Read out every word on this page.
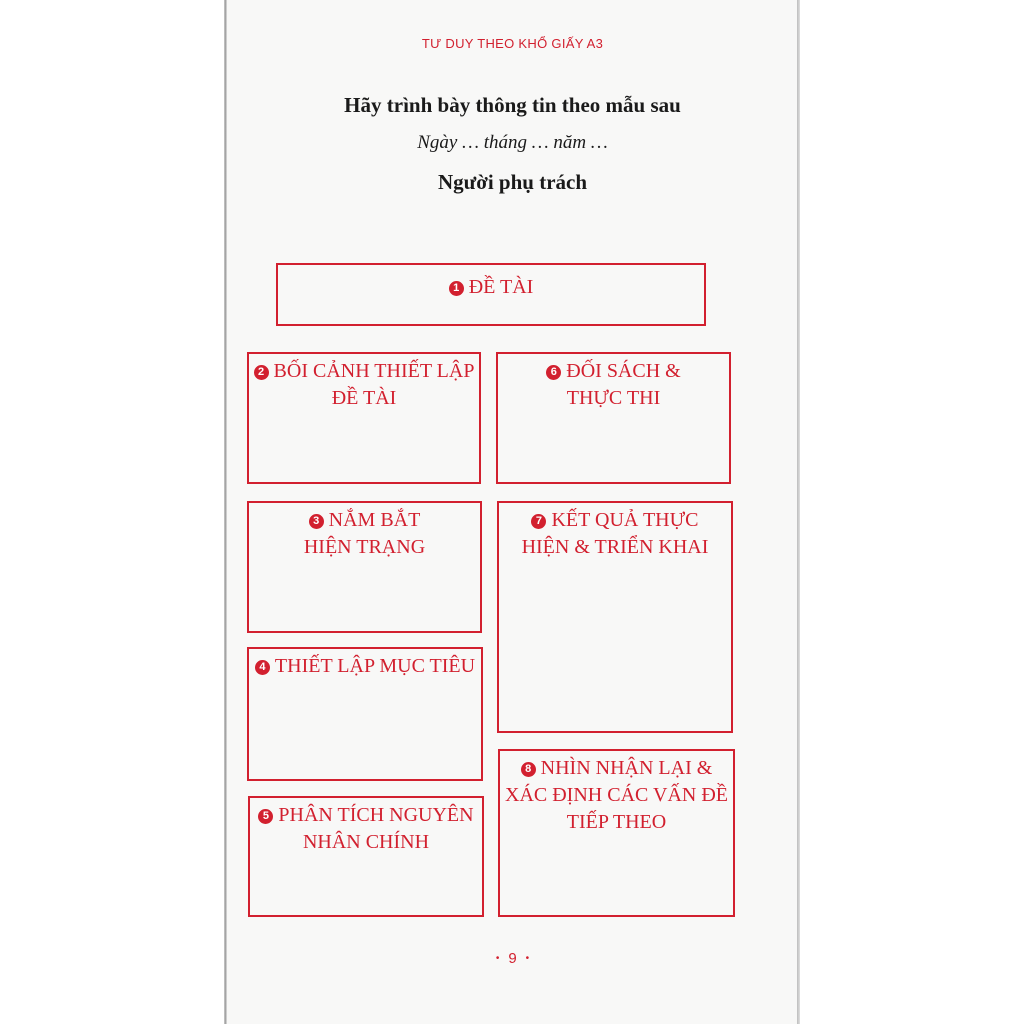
TƯ DUY THEO KHỔ GIẤY A3
Hãy trình bày thông tin theo mẫu sau
Ngày … tháng … năm …
Người phụ trách
1 ĐỀ TÀI
2 BỐI CẢNH THIẾT LẬP
ĐỀ TÀI
3 NẮM BẮT
HIỆN TRẠNG
4 THIẾT LẬP MỤC TIÊU
5 PHÂN TÍCH NGUYÊN
NHÂN CHÍNH
6 ĐỐI SÁCH &
THỰC THI
7 KẾT QUẢ THỰC
HIỆN & TRIỂN KHAI
8 NHÌN NHẬN LẠI &
XÁC ĐỊNH CÁC VẤN ĐỀ
TIẾP THEO
• 9 •
